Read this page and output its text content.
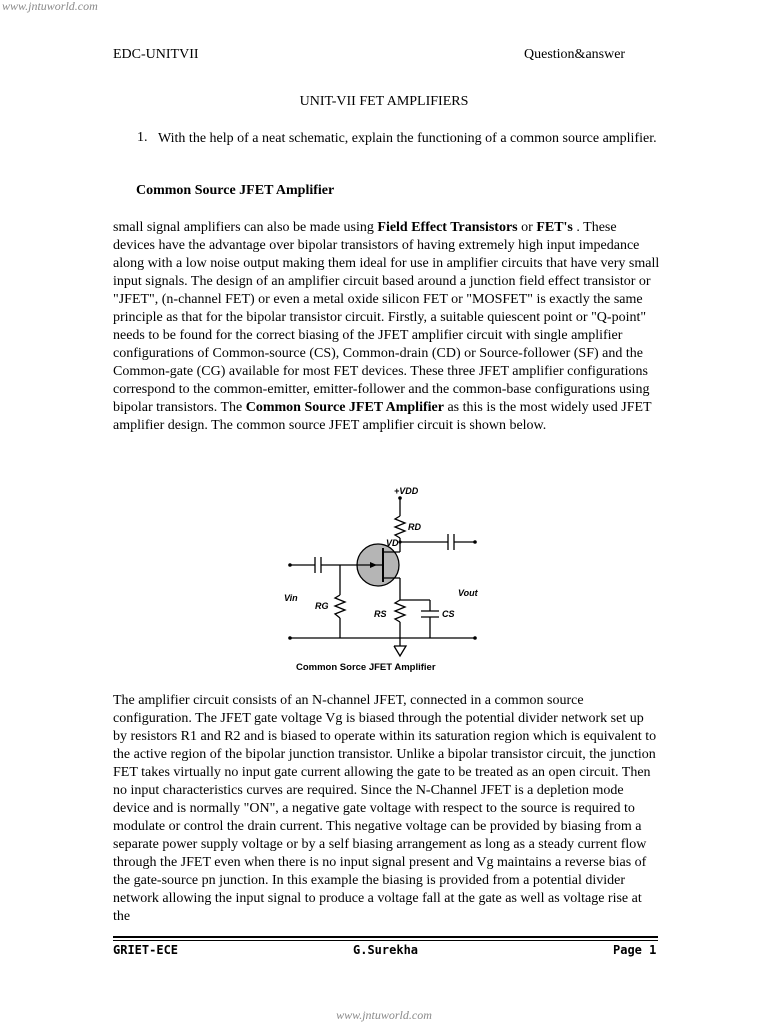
www.jntuworld.com
EDC-UNITVII	Question&answer
UNIT-VII FET AMPLIFIERS
1. With the help of a neat schematic, explain the functioning of a common source amplifier.
Common Source JFET Amplifier
small signal amplifiers can also be made using Field Effect Transistors or FET's . These devices have the advantage over bipolar transistors of having extremely high input impedance along with a low noise output making them ideal for use in amplifier circuits that have very small input signals. The design of an amplifier circuit based around a junction field effect transistor or "JFET", (n-channel FET) or even a metal oxide silicon FET or "MOSFET" is exactly the same principle as that for the bipolar transistor circuit. Firstly, a suitable quiescent point or "Q-point" needs to be found for the correct biasing of the JFET amplifier circuit with single amplifier configurations of Common-source (CS), Common-drain (CD) or Source-follower (SF) and the Common-gate (CG) available for most FET devices. These three JFET amplifier configurations correspond to the common-emitter, emitter-follower and the common-base configurations using bipolar transistors. The Common Source JFET Amplifier as this is the most widely used JFET amplifier design. The common source JFET amplifier circuit is shown below.
+VDD
RD
VD
Vin
RG
RS	CS
Vout
Common Sorce JFET Amplifier
The amplifier circuit consists of an N-channel JFET, connected in a common source configuration. The JFET gate voltage Vg is biased through the potential divider network set up by resistors R1 and R2 and is biased to operate within its saturation region which is equivalent to the active region of the bipolar junction transistor. Unlike a bipolar transistor circuit, the junction FET takes virtually no input gate current allowing the gate to be treated as an open circuit. Then no input characteristics curves are required. Since the N-Channel JFET is a depletion mode device and is normally "ON", a negative gate voltage with respect to the source is required to modulate or control the drain current. This negative voltage can be provided by biasing from a separate power supply voltage or by a self biasing arrangement as long as a steady current flow through the JFET even when there is no input signal present and Vg maintains a reverse bias of the gate-source pn junction. In this example the biasing is provided from a potential divider network allowing the input signal to produce a voltage fall at the gate as well as voltage rise at the
GRIET-ECE	G.Surekha	Page 1
www.jntuworld.com
